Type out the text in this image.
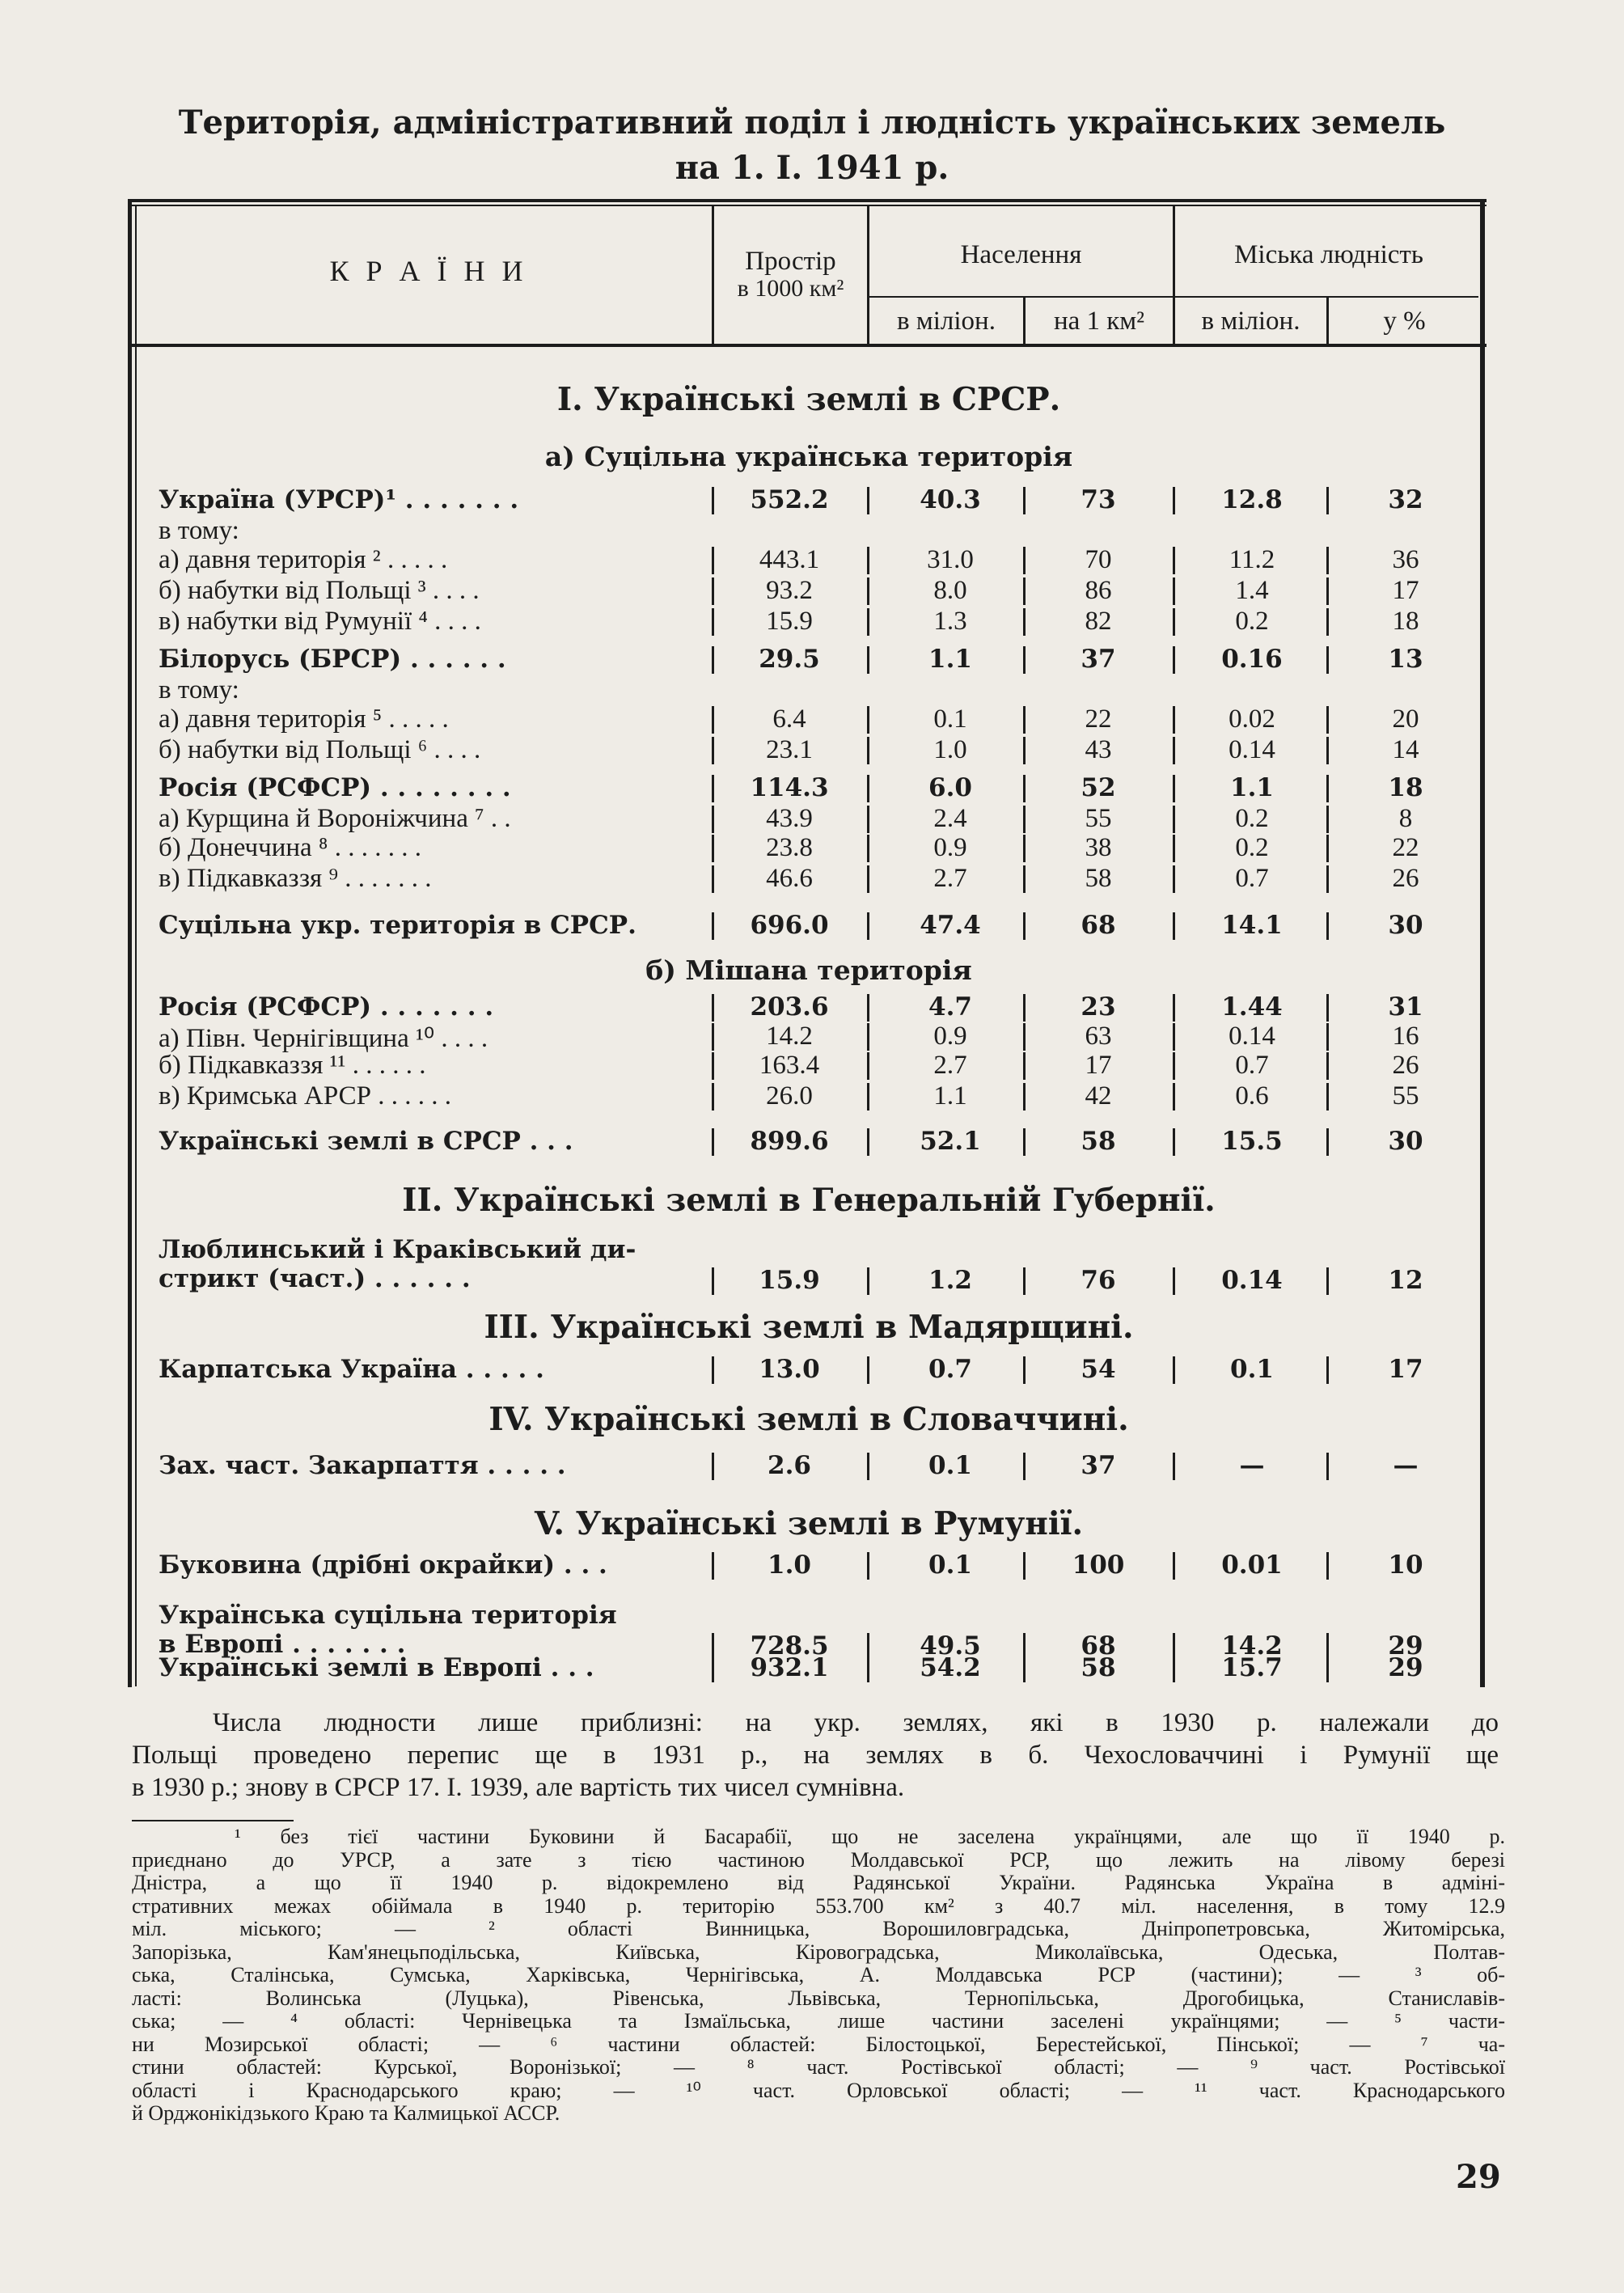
Територія, адміністративний поділ і людність українських земель
на 1. I. 1941 р.
К Р А Ї Н И	Простір
в 1000 км²
Населення	Міська людність
в міліон.	на 1 км²	в міліон.	у %
I. Українські землі в СРСР.
а) Суцільна українська територія
Україна (УРСР)¹ . . . . . . .	552.2	40.3	73	12.8	32
в тому:
а) давня територія ² . . . . .	443.1	31.0	70	11.2	36
б) набутки від Польщі ³ . . . .	93.2	8.0	86	1.4	17
в) набутки від Румунії ⁴ . . . .	15.9	1.3	82	0.2	18
Білорусь (БРСР) . . . . . .	29.5	1.1	37	0.16	13
в тому:
а) давня територія ⁵ . . . . .	6.4	0.1	22	0.02	20
б) набутки від Польщі ⁶ . . . .	23.1	1.0	43	0.14	14
Росія (РСФСР) . . . . . . . .	114.3	6.0	52	1.1	18
а) Курщина й Вороніжчина ⁷ . .	43.9	2.4	55	0.2	8
б) Донеччина ⁸ . . . . . . .	23.8	0.9	38	0.2	22
в) Підкавказзя ⁹ . . . . . . .	46.6	2.7	58	0.7	26
Суцільна укр. територія в СРСР.	696.0	47.4	68	14.1	30
б) Мішана територія
Росія (РСФСР) . . . . . . .	203.6	4.7	23	1.44	31
а) Півн. Чернігівщина ¹⁰ . . . .	14.2	0.9	63	0.14	16
б) Підкавказзя ¹¹ . . . . . .	163.4	2.7	17	0.7	26
в) Кримська АРСР . . . . . .	26.0	1.1	42	0.6	55
Українські землі в СРСР . . .	899.6	52.1	58	15.5	30
II. Українські землі в Генеральній Губернії.
Люблинський і Краківський ди-
стрикт (част.) . . . . . .	15.9	1.2	76	0.14	12
III. Українські землі в Мадярщині.
Карпатська Україна . . . . .	13.0	0.7	54	0.1	17
IV. Українські землі в Словаччині.
Зах. част. Закарпаття . . . . .	2.6	0.1	37	—	—
V. Українські землі в Румунії.
Буковина (дрібні окрайки) . . .	1.0	0.1	100	0.01	10
Українська суцільна територія
в Европі . . . . . . .	728.5	49.5	68	14.2	29
Українські землі в Европі . . .	932.1	54.2	58	15.7	29
Числа людности лише приблизні: на укр. землях, які в 1930 р. належали до
Польщі проведено перепис ще в 1931 р., на землях в б. Чехословаччині і Румунії ще
в 1930 р.; знову в СРСР 17. I. 1939, але вартість тих чисел сумнівна.
¹ без тієї частини Буковини й Басарабії, що не заселена українцями, але що її 1940 р.
приєднано до УРСР, а зате з тією частиною Молдавської РСР, що лежить на лівому березі
Дністра, а що її 1940 р. відокремлено від Радянської України. Радянська Україна в адміні-
стративних межах обіймала в 1940 р. територію 553.700 км² з 40.7 міл. населення, в тому 12.9
міл. міського; — ² області Винницька, Ворошиловградська, Дніпропетровська, Житомірська,
Запорізька, Кам'янецьподільська, Київська, Кіровоградська, Миколаївська, Одеська, Полтав-
ська, Сталінська, Сумська, Харківська, Чернігівська, А. Молдавська РСР (частини); — ³ об-
ласті: Волинська (Луцька), Рівенська, Львівська, Тернопільська, Дрогобицька, Станиславів-
ська; — ⁴ області: Чернівецька та Ізмаїльська, лише частини заселені українцями; — ⁵ части-
ни Мозирської області; — ⁶ частини областей: Білостоцької, Берестейської, Пінської; — ⁷ ча-
стини областей: Курської, Воронізької; — ⁸ част. Ростівської області; — ⁹ част. Ростівської
області і Краснодарського краю; — ¹⁰ част. Орловської області; — ¹¹ част. Краснодарського
й Орджонікідзького Краю та Калмицької АССР.
29
